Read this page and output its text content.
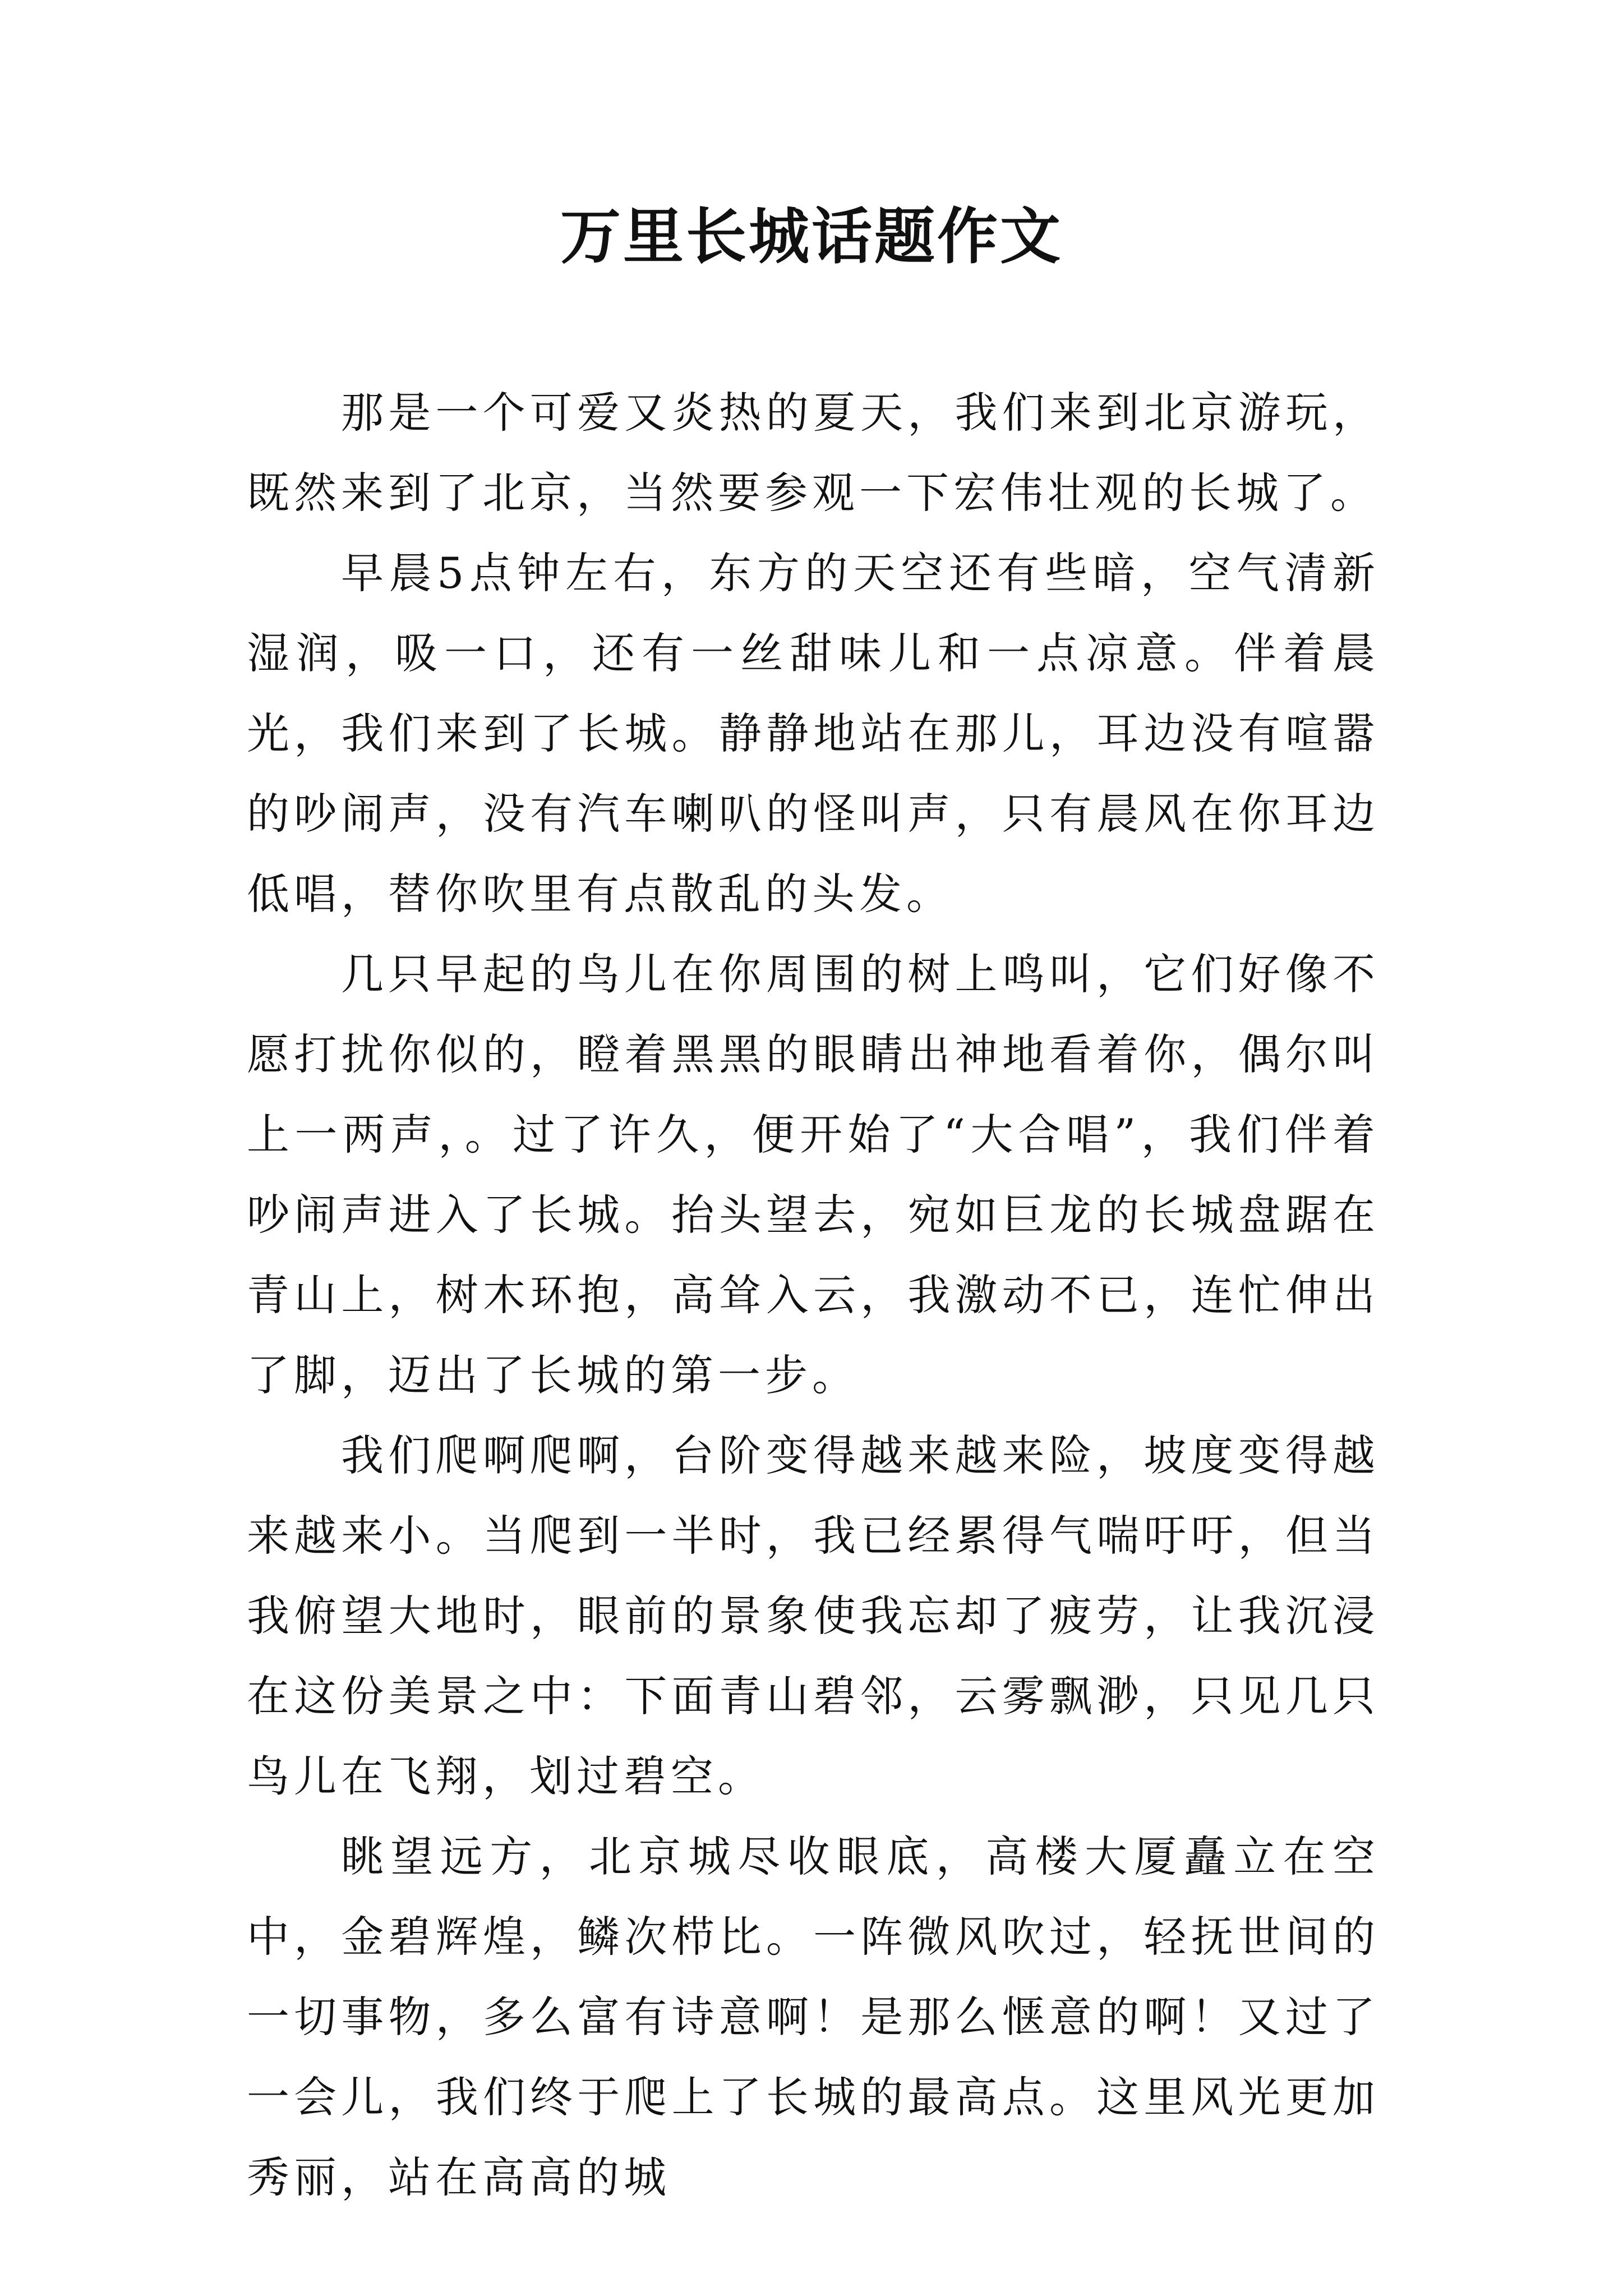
万里长城话题作文

那是一个可爱又炎热的夏天，我们来到北京游玩，既然来到了北京，当然要参观一下宏伟壮观的长城了。

早晨5点钟左右，东方的天空还有些暗，空气清新湿润，吸一口，还有一丝甜味儿和一点凉意。伴着晨光，我们来到了长城。静静地站在那儿，耳边没有喧嚣的吵闹声，没有汽车喇叭的怪叫声，只有晨风在你耳边低唱，替你吹里有点散乱的头发。

几只早起的鸟儿在你周围的树上鸣叫，它们好像不愿打扰你似的，瞪着黑黑的眼睛出神地看着你，偶尔叫上一两声，。过了许久，便开始了“大合唱”，我们伴着吵闹声进入了长城。抬头望去，宛如巨龙的长城盘踞在青山上，树木环抱，高耸入云，我激动不已，连忙伸出了脚，迈出了长城的第一步。

我们爬啊爬啊，台阶变得越来越来险，坡度变得越来越来小。当爬到一半时，我已经累得气喘吁吁，但当我俯望大地时，眼前的景象使我忘却了疲劳，让我沉浸在这份美景之中：下面青山碧邻，云雾飘渺，只见几只鸟儿在飞翔，划过碧空。

眺望远方，北京城尽收眼底，高楼大厦矗立在空中，金碧辉煌，鳞次栉比。一阵微风吹过，轻抚世间的一切事物，多么富有诗意啊！是那么惬意的啊！又过了一会儿，我们终于爬上了长城的最高点。这里风光更加秀丽，站在高高的城
